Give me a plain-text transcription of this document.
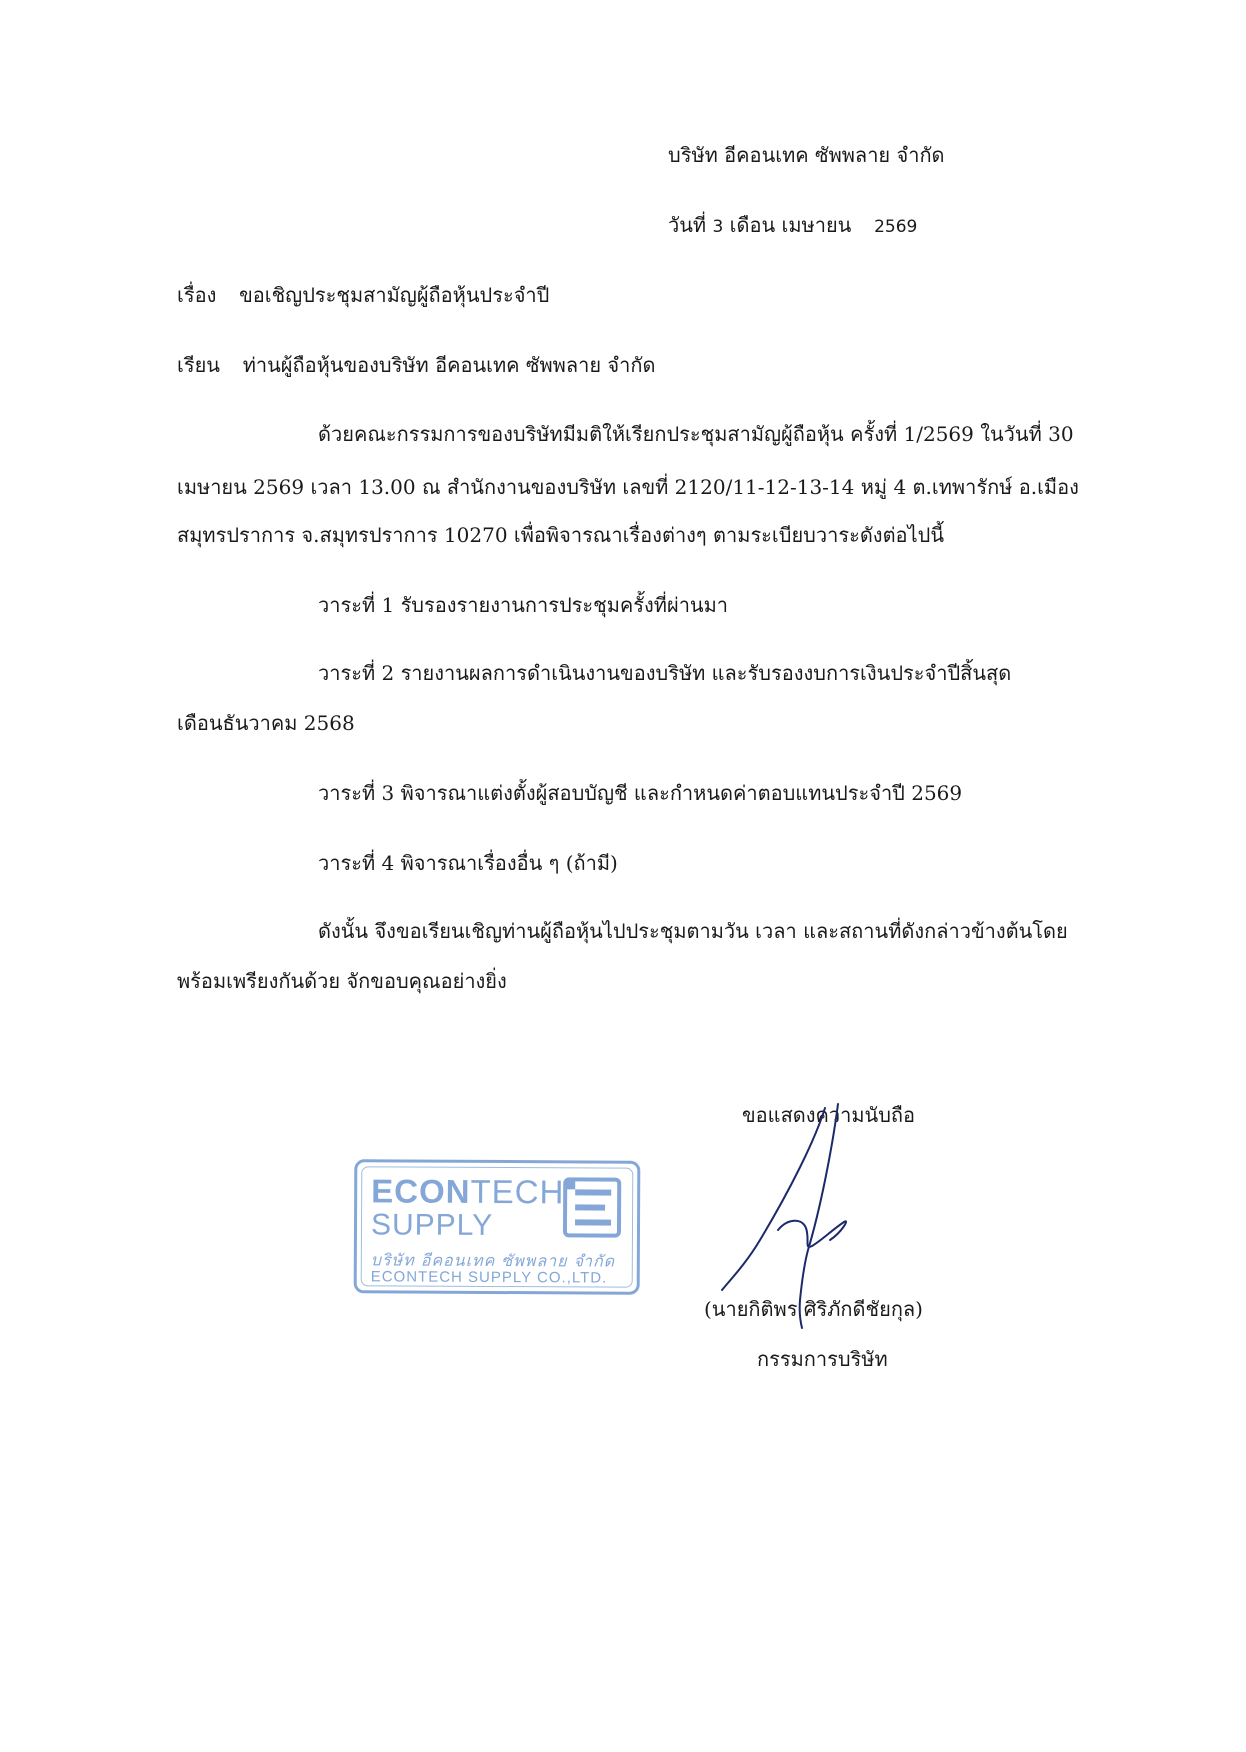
บริษัท อีคอนเทค ซัพพลาย จำกัด
วันที่ 3 เดือน เมษายน 2569
เรื่อง ขอเชิญประชุมสามัญผู้ถือหุ้นประจำปี
เรียน ท่านผู้ถือหุ้นของบริษัท อีคอนเทค ซัพพลาย จำกัด
ด้วยคณะกรรมการของบริษัทมีมติให้เรียกประชุมสามัญผู้ถือหุ้น ครั้งที่ 1/2569 ในวันที่ 30
เมษายน 2569 เวลา 13.00 ณ สำนักงานของบริษัท เลขที่ 2120/11-12-13-14 หมู่ 4 ต.เทพารักษ์ อ.เมือง
สมุทรปราการ จ.สมุทรปราการ 10270 เพื่อพิจารณาเรื่องต่างๆ ตามระเบียบวาระดังต่อไปนี้
วาระที่ 1 รับรองรายงานการประชุมครั้งที่ผ่านมา
วาระที่ 2 รายงานผลการดำเนินงานของบริษัท และรับรองงบการเงินประจำปีสิ้นสุด
เดือนธันวาคม 2568
วาระที่ 3 พิจารณาแต่งตั้งผู้สอบบัญชี และกำหนดค่าตอบแทนประจำปี 2569
วาระที่ 4 พิจารณาเรื่องอื่น ๆ (ถ้ามี)
ดังนั้น จึงขอเรียนเชิญท่านผู้ถือหุ้นไปประชุมตามวัน เวลา และสถานที่ดังกล่าวข้างต้นโดย
พร้อมเพรียงกันด้วย จักขอบคุณอย่างยิ่ง
ขอแสดงความนับถือ
(นายกิติพร ศิริภักดีชัยกุล)
กรรมการบริษัท
ECONTECH
SUPPLY
บริษัท อีคอนเทค ซัพพลาย จำกัด
ECONTECH SUPPLY CO.,LTD.
